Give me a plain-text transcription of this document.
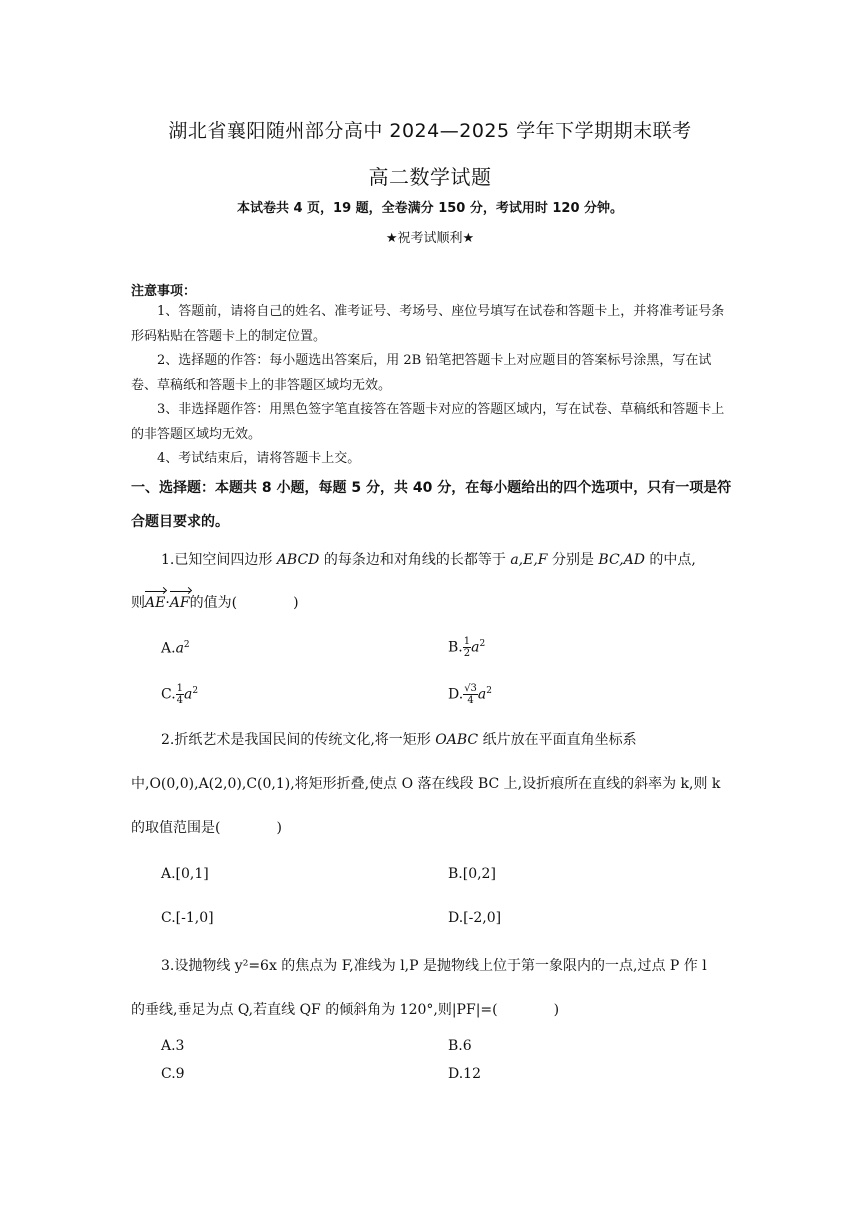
湖北省襄阳随州部分高中 2024—2025 学年下学期期末联考
高二数学试题
本试卷共 4 页，19 题，全卷满分 150 分，考试用时 120 分钟。
★祝考试顺利★
注意事项：

1、答题前，请将自己的姓名、准考证号、考场号、座位号填写在试卷和答题卡上，并将准考证号条形码粘贴在答题卡上的制定位置。

2、选择题的作答：每小题选出答案后，用 2B 铅笔把答题卡上对应题目的答案标号涂黑，写在试卷、草稿纸和答题卡上的非答题区域均无效。

3、非选择题作答：用黑色签字笔直接答在答题卡对应的答题区域内，写在试卷、草稿纸和答题卡上的非答题区域均无效。

4、考试结束后，请将答题卡上交。

一、选择题：本题共 8 小题，每题 5 分，共 40 分，在每小题给出的四个选项中，只有一项是符合题目要求的。
1.已知空间四边形 ABCD 的每条边和对角线的长都等于 a,E,F 分别是 BC,AD 的中点,
则AE·AF的值为(　　　　)
$A.a^2$	B. $\frac{1}{2} a^2$
C. $\frac{1}{4} a^2$	D. $\frac{√3}{4} a^2$
2.折纸艺术是我国民间的传统文化,将一矩形 OABC 纸片放在平面直角坐标系
中,O(0,0),A(2,0),C(0,1),将矩形折叠,使点 O 落在线段 BC 上,设折痕所在直线的斜率为 k,则 k
的取值范围是(　　　　)
A.[0,1]	B.[0,2]
C.[-1,0]	D.[-2,0]
3.设抛物线 y²=6x 的焦点为 F,准线为 l,P 是抛物线上位于第一象限内的一点,过点 P 作 l
的垂线,垂足为点 Q,若直线 QF 的倾斜角为 120°,则|PF|=(　　　　)
A.3	B.6
C.9	D.12
